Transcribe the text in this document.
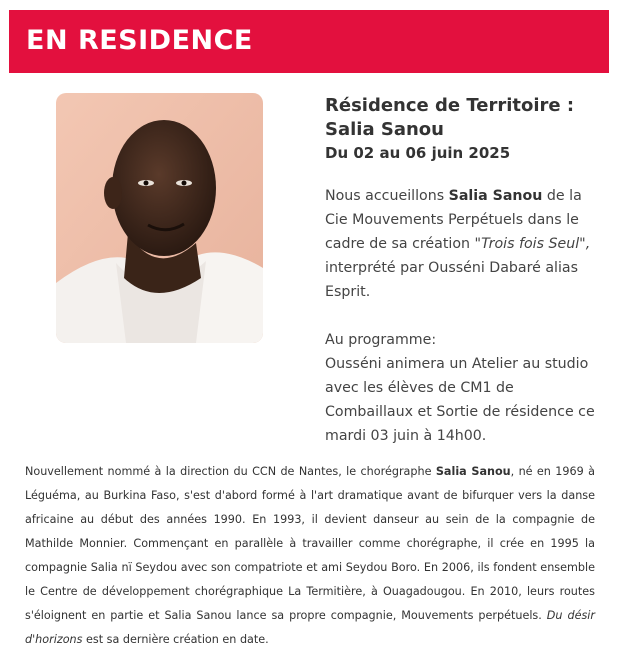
EN RESIDENCE
Résidence de Territoire :
Salia Sanou
Du 02 au 06 juin 2025
Nous accueillons Salia Sanou de la Cie Mouvements Perpétuels dans le cadre de sa création "Trois fois Seul", interprété par Ousséni Dabaré alias Esprit.
Au programme:
Ousséni animera un Atelier au studio avec les élèves de CM1 de Combaillaux et Sortie de résidence ce mardi 03 juin à 14h00.
Nouvellement nommé à la direction du CCN de Nantes, le chorégraphe Salia Sanou, né en 1969 à Léguéma, au Burkina Faso, s'est d'abord formé à l'art dramatique avant de bifurquer vers la danse africaine au début des années 1990. En 1993, il devient danseur au sein de la compagnie de Mathilde Monnier. Commençant en parallèle à travailler comme chorégraphe, il crée en 1995 la compagnie Salia nï Seydou avec son compatriote et ami Seydou Boro. En 2006, ils fondent ensemble le Centre de développement chorégraphique La Termitière, à Ouagadougou. En 2010, leurs routes s'éloignent en partie et Salia Sanou lance sa propre compagnie, Mouvements perpétuels. Du désir d'horizons est sa dernière création en date.
